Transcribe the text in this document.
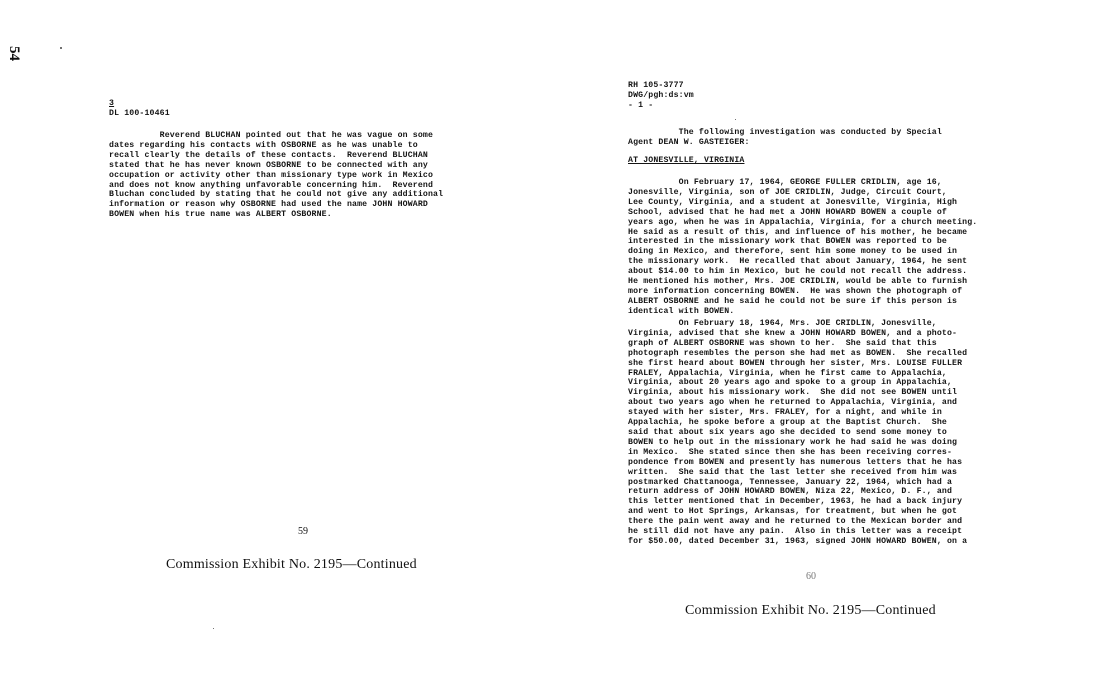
54
3
DL 100-10461
Reverend BLUCHAN pointed out that he was vague on some
dates regarding his contacts with OSBORNE as he was unable to
recall clearly the details of these contacts.  Reverend BLUCHAN
stated that he has never known OSBORNE to be connected with any
occupation or activity other than missionary type work in Mexico
and does not know anything unfavorable concerning him.  Reverend
Bluchan concluded by stating that he could not give any additional
information or reason why OSBORNE had used the name JOHN HOWARD
BOWEN when his true name was ALBERT OSBORNE.
59
Commission Exhibit No. 2195—Continued
RH 105-3777
DWG/pgh:ds:vm
- 1 -
The following investigation was conducted by Special
Agent DEAN W. GASTEIGER:
AT JONESVILLE, VIRGINIA
On February 17, 1964, GEORGE FULLER CRIDLIN, age 16,
Jonesville, Virginia, son of JOE CRIDLIN, Judge, Circuit Court,
Lee County, Virginia, and a student at Jonesville, Virginia, High
School, advised that he had met a JOHN HOWARD BOWEN a couple of
years ago, when he was in Appalachia, Virginia, for a church meeting.
He said as a result of this, and influence of his mother, he became
interested in the missionary work that BOWEN was reported to be
doing in Mexico, and therefore, sent him some money to be used in
the missionary work.  He recalled that about January, 1964, he sent
about $14.00 to him in Mexico, but he could not recall the address.
He mentioned his mother, Mrs. JOE CRIDLIN, would be able to furnish
more information concerning BOWEN.  He was shown the photograph of
ALBERT OSBORNE and he said he could not be sure if this person is
identical with BOWEN.
On February 18, 1964, Mrs. JOE CRIDLIN, Jonesville,
Virginia, advised that she knew a JOHN HOWARD BOWEN, and a photo-
graph of ALBERT OSBORNE was shown to her.  She said that this
photograph resembles the person she had met as BOWEN.  She recalled
she first heard about BOWEN through her sister, Mrs. LOUISE FULLER
FRALEY, Appalachia, Virginia, when he first came to Appalachia,
Virginia, about 20 years ago and spoke to a group in Appalachia,
Virginia, about his missionary work.  She did not see BOWEN until
about two years ago when he returned to Appalachia, Virginia, and
stayed with her sister, Mrs. FRALEY, for a night, and while in
Appalachia, he spoke before a group at the Baptist Church.  She
said that about six years ago she decided to send some money to
BOWEN to help out in the missionary work he had said he was doing
in Mexico.  She stated since then she has been receiving corres-
pondence from BOWEN and presently has numerous letters that he has
written.  She said that the last letter she received from him was
postmarked Chattanooga, Tennessee, January 22, 1964, which had a
return address of JOHN HOWARD BOWEN, Niza 22, Mexico, D. F., and
this letter mentioned that in December, 1963, he had a back injury
and went to Hot Springs, Arkansas, for treatment, but when he got
there the pain went away and he returned to the Mexican border and
he still did not have any pain.  Also in this letter was a receipt
for $50.00, dated December 31, 1963, signed JOHN HOWARD BOWEN, on a
60
Commission Exhibit No. 2195—Continued
